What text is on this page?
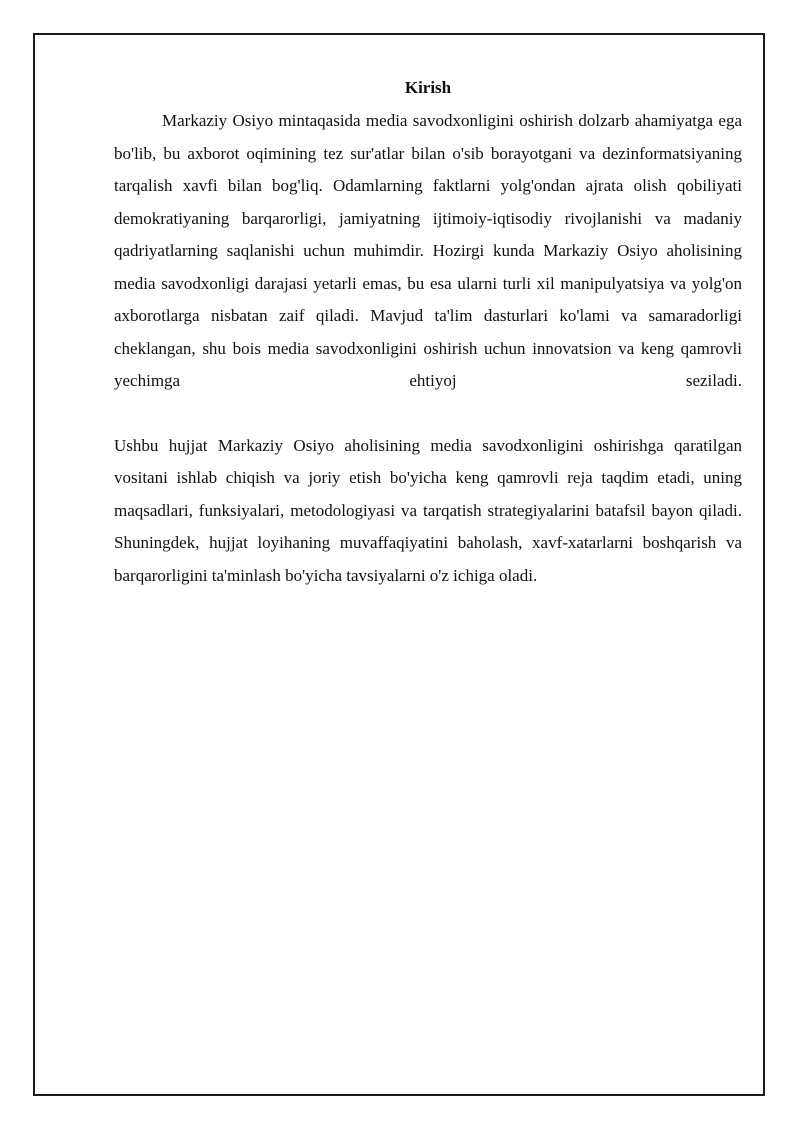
Kirish

Markaziy Osiyo mintaqasida media savodxonligini oshirish dolzarb ahamiyatga ega bo'lib, bu axborot oqimining tez sur'atlar bilan o'sib borayotgani va dezinformatsiyaning tarqalish xavfi bilan bog'liq. Odamlarning faktlarni yolg'ondan ajrata olish qobiliyati demokratiyaning barqarorligi, jamiyatning ijtimoiy-iqtisodiy rivojlanishi va madaniy qadriyatlarning saqlanishi uchun muhimdir. Hozirgi kunda Markaziy Osiyo aholisining media savodxonligi darajasi yetarli emas, bu esa ularni turli xil manipulyatsiya va yolg'on axborotlarga nisbatan zaif qiladi. Mavjud ta'lim dasturlari ko'lami va samaradorligi cheklangan, shu bois media savodxonligini oshirish uchun innovatsion va keng qamrovli yechimga ehtiyoj seziladi.

Ushbu hujjat Markaziy Osiyo aholisining media savodxonligini oshirishga qaratilgan vositani ishlab chiqish va joriy etish bo'yicha keng qamrovli reja taqdim etadi, uning maqsadlari, funksiyalari, metodologiyasi va tarqatish strategiyalarini batafsil bayon qiladi. Shuningdek, hujjat loyihaning muvaffaqiyatini baholash, xavf-xatarlarni boshqarish va barqarorligini ta'minlash bo'yicha tavsiyalarni o'z ichiga oladi.
